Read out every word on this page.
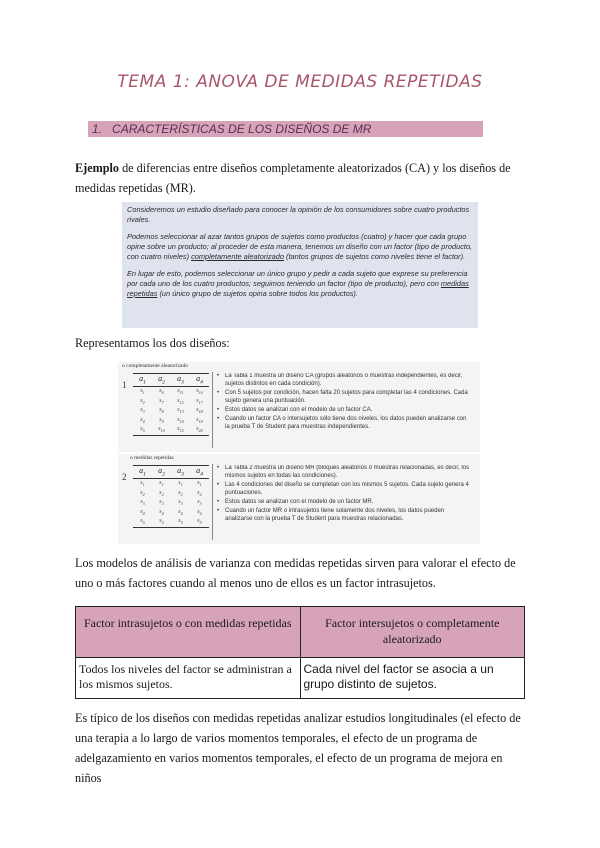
TEMA 1: ANOVA DE MEDIDAS REPETIDAS
1. CARACTERÍSTICAS DE LOS DISEÑOS DE MR
Ejemplo de diferencias entre diseños completamente aleatorizados (CA) y los diseños de medidas repetidas (MR).

Consideremos un estudio diseñado para conocer la opinión de los consumidores sobre cuatro productos rivales.

Podemos seleccionar al azar tantos grupos de sujetos como productos (cuatro) y hacer que cada grupo opine sobre un producto; al proceder de esta manera, tenemos un diseño con un factor (tipo de producto, con cuatro niveles) completamente aleatorizado (tantos grupos de sujetos como niveles tiene el factor).

En lugar de esto, podemos seleccionar un único grupo y pedir a cada sujeto que exprese su preferencia por cada uno de los cuatro productos; seguimos teniendo un factor (tipo de producto), pero con medidas repetidas (un único grupo de sujetos opina sobre todos los productos).

Representamos los dos diseños:
o completamente aleatorizado
1
$a_1$	$a_2$	$a_3$	$a_4$
$s_1$	$s_6$	$s_{11}$	$s_{16}$
$s_2$	$s_7$	$s_{12}$	$s_{17}$
$s_3$	$s_8$	$s_{13}$	$s_{18}$
$s_4$	$s_9$	$s_{14}$	$s_{19}$
$s_5$	$s_{10}$	$s_{15}$	$s_{20}$
• La Tabla 1 muestra un diseño CA (grupos aleatorios o muestras independientes, es decir, sujetos distintos en cada condición).
• Con 5 sujetos por condición, hacen falta 20 sujetos para completar las 4 condiciones. Cada sujeto genera una puntuación.
• Estos datos se analizan con el modelo de un factor CA.
• Cuando un factor CA o intersujetos sólo tiene dos niveles, los datos pueden analizarse con la prueba T de Student para muestras independientes.
o medidas repetidas
2
$a_1$	$a_2$	$a_3$	$a_4$
$s_1$	$s_1$	$s_1$	$s_1$
$s_2$	$s_2$	$s_2$	$s_2$
$s_3$	$s_3$	$s_3$	$s_3$
$s_4$	$s_4$	$s_4$	$s_4$
$s_5$	$s_5$	$s_5$	$s_5$
• La Tabla 2 muestra un diseño MR (bloques aleatorios o muestras relacionadas, es decir, los mismos sujetos en todas las condiciones).
• Las 4 condiciones del diseño se completan con los mismos 5 sujetos. Cada sujeto genera 4 puntuaciones.
• Estos datos se analizan con el modelo de un factor MR.
• Cuando un factor MR o intrasujetos tiene solamente dos niveles, los datos pueden analizarse con la prueba T de Student para muestras relacionadas.
Los modelos de análisis de varianza con medidas repetidas sirven para valorar el efecto de uno o más factores cuando al menos uno de ellos es un factor intrasujetos.
Factor intrasujetos o con medidas repetidas	Factor intersujetos o completamente aleatorizado
Todos los niveles del factor se administran a los mismos sujetos.	Cada nivel del factor se asocia a un grupo distinto de sujetos.
Es típico de los diseños con medidas repetidas analizar estudios longitudinales (el efecto de una terapia a lo largo de varios momentos temporales, el efecto de un programa de adelgazamiento en varios momentos temporales, el efecto de un programa de mejora en niños
